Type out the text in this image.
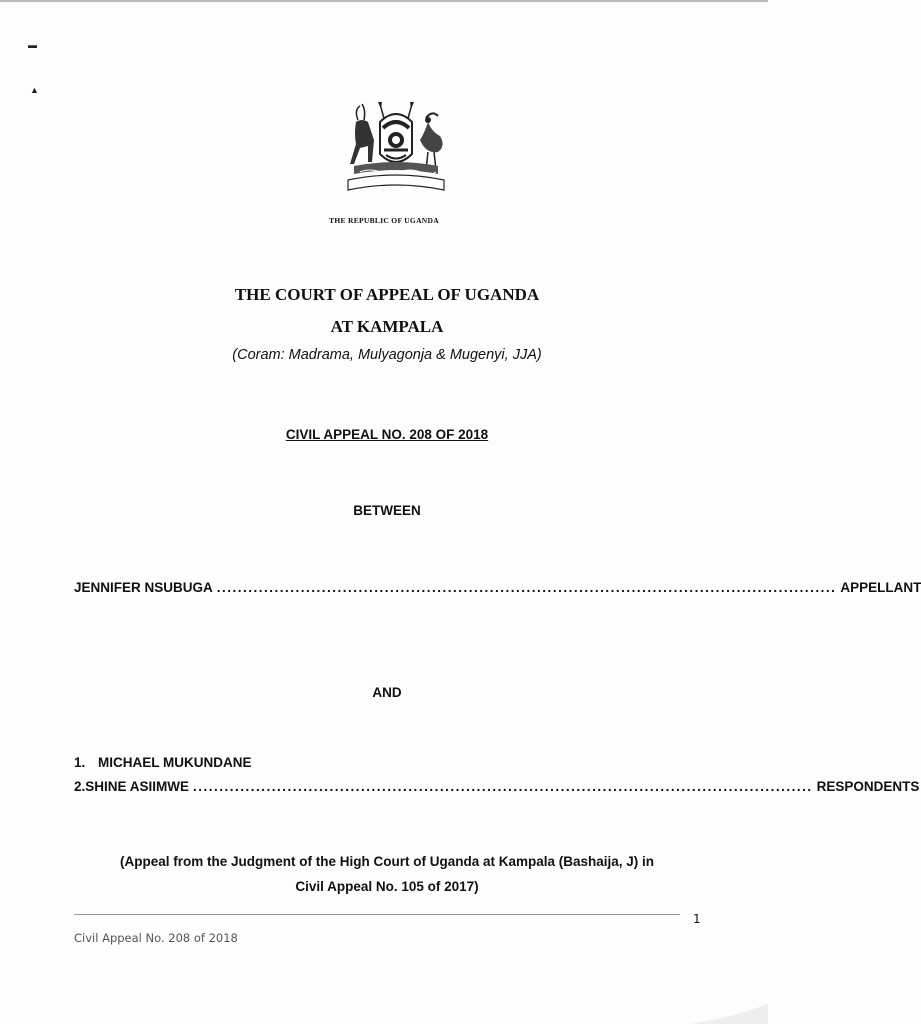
▬
▲
THE REPUBLIC OF UGANDA
THE COURT OF APPEAL OF UGANDA
AT KAMPALA
(Coram: Madrama, Mulyagonja & Mugenyi, JJA)
CIVIL APPEAL NO. 208 OF 2018
BETWEEN
JENNIFER NSUBUGA ...................................................................................................................... APPELLANT
AND
1. MICHAEL MUKUNDANE
2. SHINE ASIIMWE ...................................................................................................................... RESPONDENTS
(Appeal from the Judgment of the High Court of Uganda at Kampala (Bashaija, J) in
Civil Appeal No. 105 of 2017)
1
Civil Appeal No. 208 of 2018
